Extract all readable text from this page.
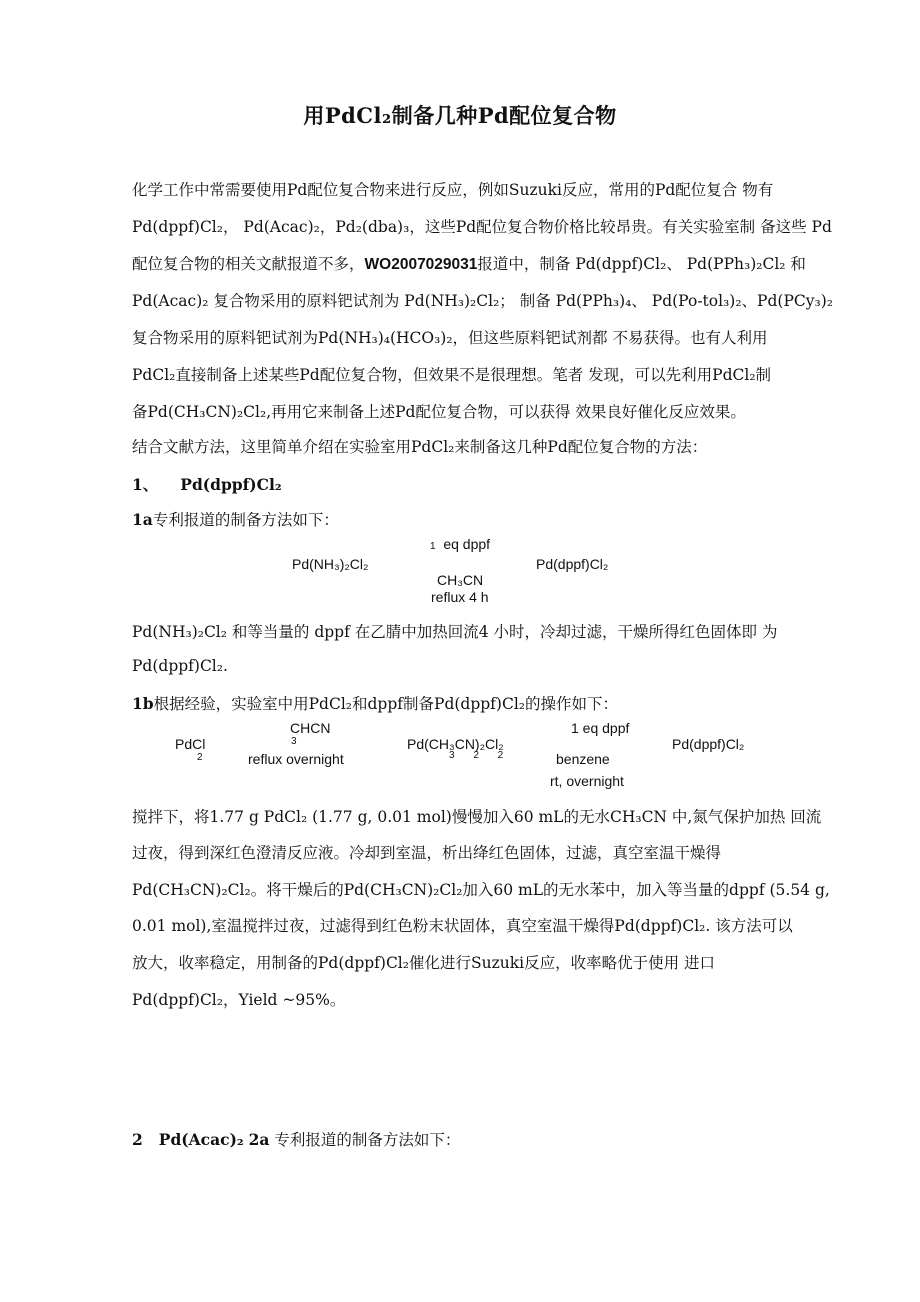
用PdCl₂制备几种Pd配位复合物
化学工作中常需要使用Pd配位复合物来进行反应，例如Suzuki反应，常用的Pd配位复合 物有
Pd(dppf)Cl₂， Pd(Acac)₂，Pd₂(dba)₃，这些Pd配位复合物价格比较昂贵。有关实验室制 备这些 Pd
配位复合物的相关文献报道不多，WO2007029031报道中，制备 Pd(dppf)Cl₂、 Pd(PPh₃)₂Cl₂ 和
Pd(Acac)₂ 复合物采用的原料钯试剂为 Pd(NH₃)₂Cl₂； 制备 Pd(PPh₃)₄、 Pd(Po-tol₃)₂、Pd(PCy₃)₂
复合物采用的原料钯试剂为Pd(NH₃)₄(HCO₃)₂，但这些原料钯试剂都 不易获得。也有人利用
PdCl₂直接制备上述某些Pd配位复合物，但效果不是很理想。笔者 发现，可以先利用PdCl₂制
备Pd(CH₃CN)₂Cl₂,再用它来制备上述Pd配位复合物，可以获得 效果良好催化反应效果。
结合文献方法，这里简单介绍在实验室用PdCl₂来制备这几种Pd配位复合物的方法：
1、 Pd(dppf)Cl₂
1a专利报道的制备方法如下：
1 eq dppf
Pd(NH₃)₂Cl₂	Pd(dppf)Cl₂
CH₃CN
reflux 4 h
Pd(NH₃)₂Cl₂ 和等当量的 dppf 在乙腈中加热回流4 小时，冷却过滤，干燥所得红色固体即 为
Pd(dppf)Cl₂.
1b根据经验，实验室中用PdCl₂和dppf制备Pd(dppf)Cl₂的操作如下：
CHCN	1 eq dppf
3
PdCl
2
Pd(CH₃CN)₂Cl₂
3 2 2
Pd(dppf)Cl₂
reflux overnight	benzene
rt, overnight
搅拌下，将1.77 g PdCl₂ (1.77 g, 0.01 mol)慢慢加入60 mL的无水CH₃CN 中,氮气保护加热 回流
过夜，得到深红色澄清反应液。冷却到室温，析出绛红色固体，过滤，真空室温干燥得
Pd(CH₃CN)₂Cl₂。将干燥后的Pd(CH₃CN)₂Cl₂加入60 mL的无水苯中，加入等当量的dppf (5.54 g,
0.01 mol),室温搅拌过夜，过滤得到红色粉末状固体，真空室温干燥得Pd(dppf)Cl₂. 该方法可以
放大，收率稳定，用制备的Pd(dppf)Cl₂催化进行Suzuki反应，收率略优于使用 进口
Pd(dppf)Cl₂，Yield ~95%。
2 Pd(Acac)₂ 2a 专利报道的制备方法如下：
